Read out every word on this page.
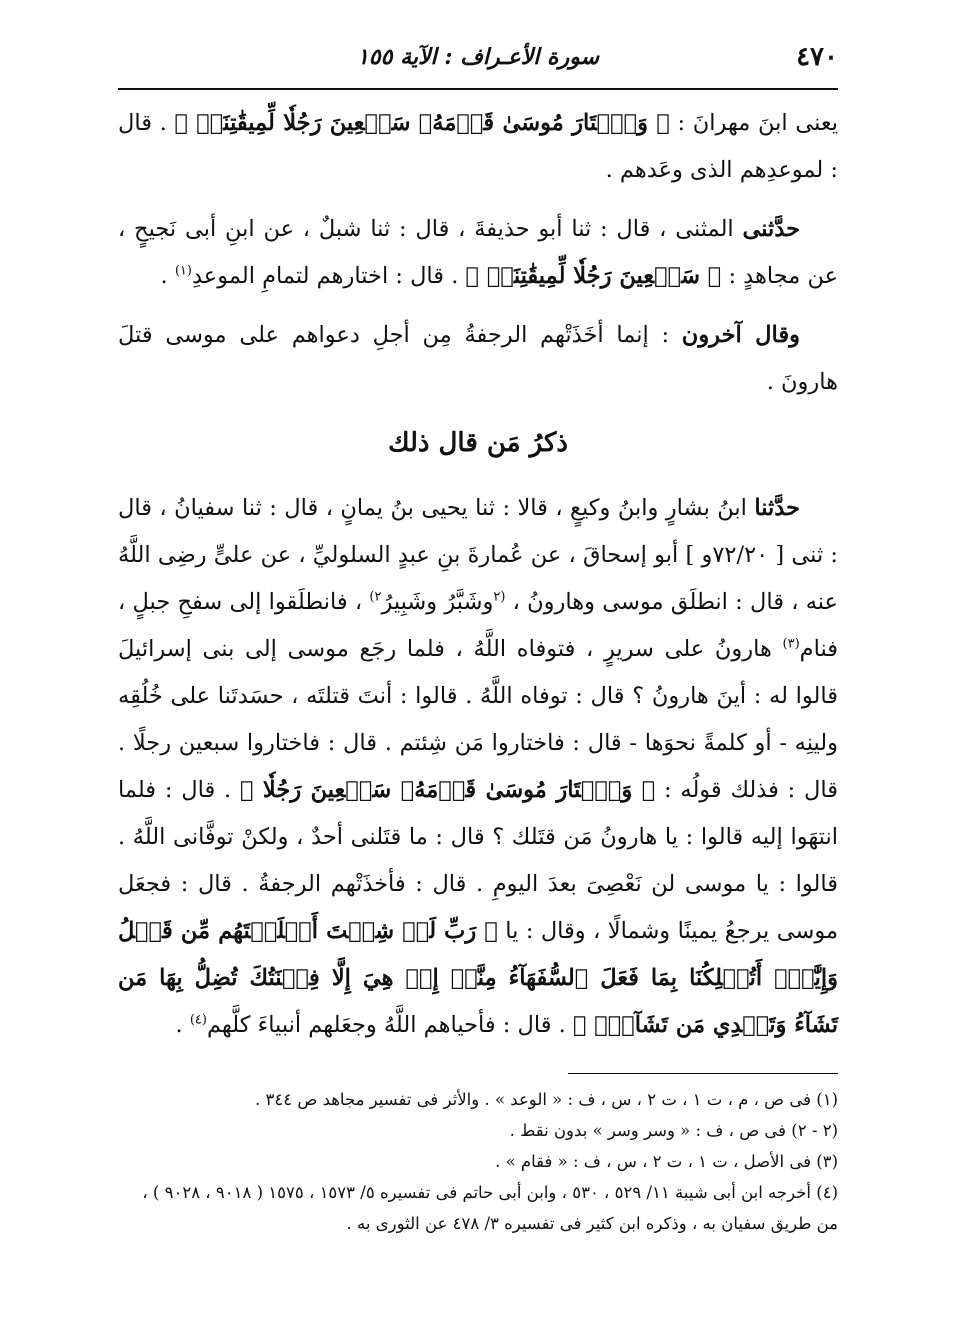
٤٧٠
سورة الأعـراف : الآية ١٥٥

يعنى ابنَ مهرانَ : ﴿ وَٱخۡتَارَ مُوسَىٰ قَوۡمَهُۥ سَبۡعِينَ رَجُلٗا لِّمِيقَٰتِنَاۖ ﴾ . قال : لموعدِهم الذى وعَدهم .

حدَّثنى المثنى ، قال : ثنا أبو حذيفةَ ، قال : ثنا شبلٌ ، عن ابنِ أبى نَجيحٍ ، عن مجاهدٍ : ﴿ سَبۡعِينَ رَجُلٗا لِّمِيقَٰتِنَاۖ ﴾ . قال : اختارهم لتمامِ الموعدِ$^{(١)}$ .

وقال آخرون : إنما أخَذَتْهم الرجفةُ مِن أجلِ دعواهم على موسى قتلَ هارونَ .

ذكرُ مَن قال ذلك

حدَّثنا ابنُ بشارٍ وابنُ وكيعٍ ، قالا : ثنا يحيى بنُ يمانٍ ، قال : ثنا سفيانُ ، قال : ثنى [ ٧٢/٢٠و ] أبو إسحاقَ ، عن عُمارةَ بنِ عبدٍ السلوليِّ ، عن علىٍّ رضِى اللَّهُ عنه ، قال : انطلَق موسى وهارونُ ، $^{(٢}$وشَبَّرُ وشَبِيرُ$^{٢)}$ ، فانطلَقوا إلى سفحِ جبلٍ ، فنام$^{(٣)}$ هارونُ على سريرٍ ، فتوفاه اللَّهُ ، فلما رجَع موسى إلى بنى إسرائيلَ قالوا له : أينَ هارونُ ؟ قال : توفاه اللَّهُ . قالوا : أنتَ قتلتَه ، حسَدتَنا على خُلُقِه ولينِه - أو كلمةً نحوَها - قال : فاختاروا مَن شِئتم . قال : فاختاروا سبعين رجلًا . قال : فذلك قولُه : ﴿ وَٱخۡتَارَ مُوسَىٰ قَوۡمَهُۥ سَبۡعِينَ رَجُلٗا ﴾ . قال : فلما انتهَوا إليه قالوا : يا هارونُ مَن قتَلك ؟ قال : ما قتَلنى أحدٌ ، ولكنْ توفَّانى اللَّهُ . قالوا : يا موسى لن نَعْصِىَ بعدَ اليومِ . قال : فأخذَتْهم الرجفةُ . قال : فجعَل موسى يرجعُ يمينًا وشمالًا ، وقال : يا ﴿ رَبِّ لَوۡ شِئۡتَ أَهۡلَكۡتَهُم مِّن قَبۡلُ وَإِيَّٰيَۖ أَتُهۡلِكُنَا بِمَا فَعَلَ ٱلسُّفَهَآءُ مِنَّآۖ إِنۡ هِيَ إِلَّا فِتۡنَتُكَ تُضِلُّ بِهَا مَن تَشَآءُ وَتَهۡدِي مَن تَشَآءُۖ ﴾ . قال : فأحياهم اللَّهُ وجعَلهم أنبياءَ كلَّهم$^{(٤)}$ .

(١) فى ص ، م ، ت ١ ، ت ٢ ، س ، ف : « الوعد » . والأثر فى تفسير مجاهد ص ٣٤٤ .

(٢ - ٢) فى ص ، ف : « وسر وسر » بدون نقط .

(٣) فى الأصل ، ت ١ ، ت ٢ ، س ، ف : « فقام » .

(٤) أخرجه ابن أبى شيبة ١١/ ٥٢٩ ، ٥٣٠ ، وابن أبى حاتم فى تفسيره ٥/ ١٥٧٣ ، ١٥٧٥ ( ٩٠١٨ ، ٩٠٢٨ ) ، من طريق سفيان به ، وذكره ابن كثير فى تفسيره ٣/ ٤٧٨ عن الثورى به .
